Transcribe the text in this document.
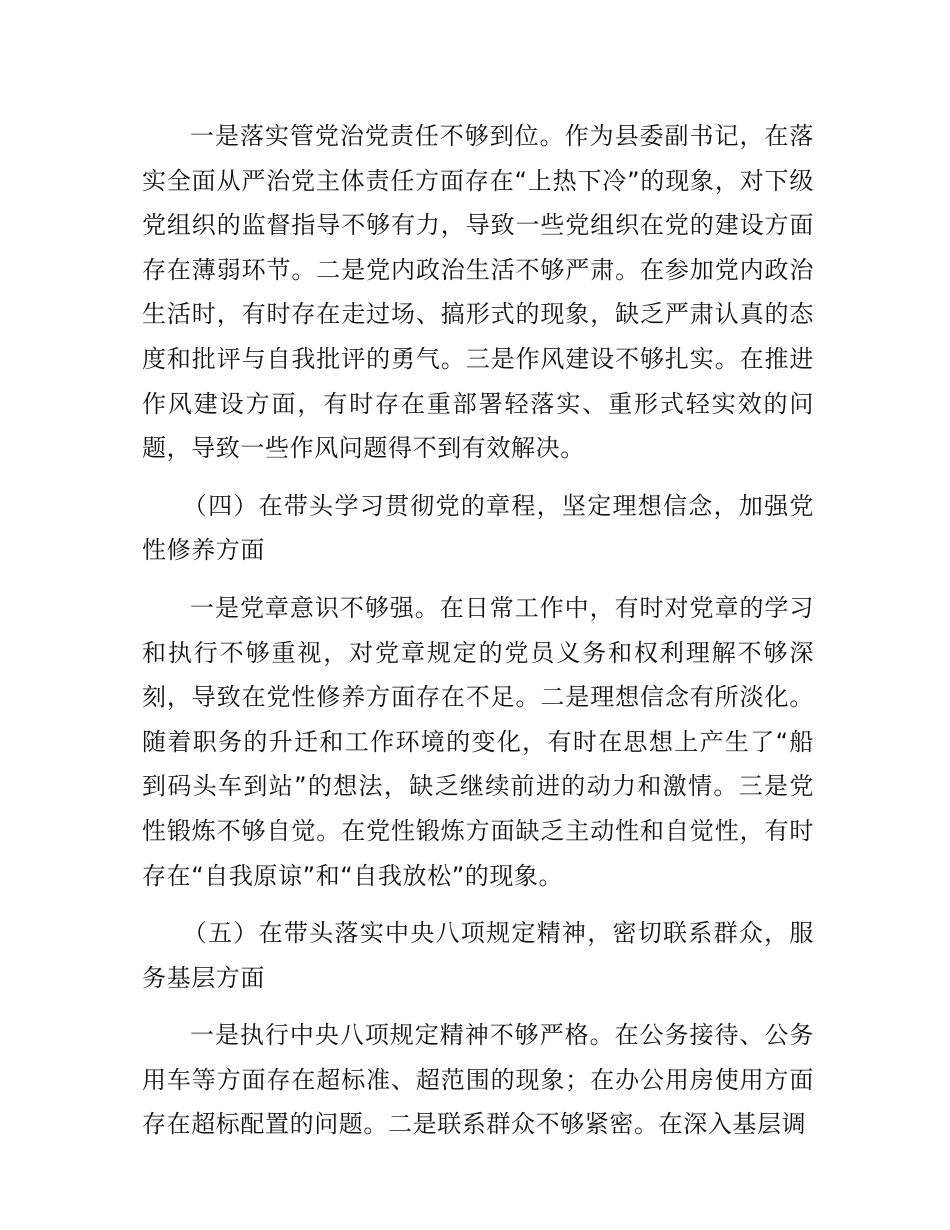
一是落实管党治党责任不够到位。作为县委副书记，在落实全面从严治党主体责任方面存在“上热下冷”的现象，对下级党组织的监督指导不够有力，导致一些党组织在党的建设方面存在薄弱环节。二是党内政治生活不够严肃。在参加党内政治生活时，有时存在走过场、搞形式的现象，缺乏严肃认真的态度和批评与自我批评的勇气。三是作风建设不够扎实。在推进作风建设方面，有时存在重部署轻落实、重形式轻实效的问题，导致一些作风问题得不到有效解决。

（四）在带头学习贯彻党的章程，坚定理想信念，加强党性修养方面

一是党章意识不够强。在日常工作中，有时对党章的学习和执行不够重视，对党章规定的党员义务和权利理解不够深刻，导致在党性修养方面存在不足。二是理想信念有所淡化。随着职务的升迁和工作环境的变化，有时在思想上产生了“船到码头车到站”的想法，缺乏继续前进的动力和激情。三是党性锻炼不够自觉。在党性锻炼方面缺乏主动性和自觉性，有时存在“自我原谅”和“自我放松”的现象。

（五）在带头落实中央八项规定精神，密切联系群众，服务基层方面

一是执行中央八项规定精神不够严格。在公务接待、公务用车等方面存在超标准、超范围的现象；在办公用房使用方面存在超标配置的问题。二是联系群众不够紧密。在深入基层调
